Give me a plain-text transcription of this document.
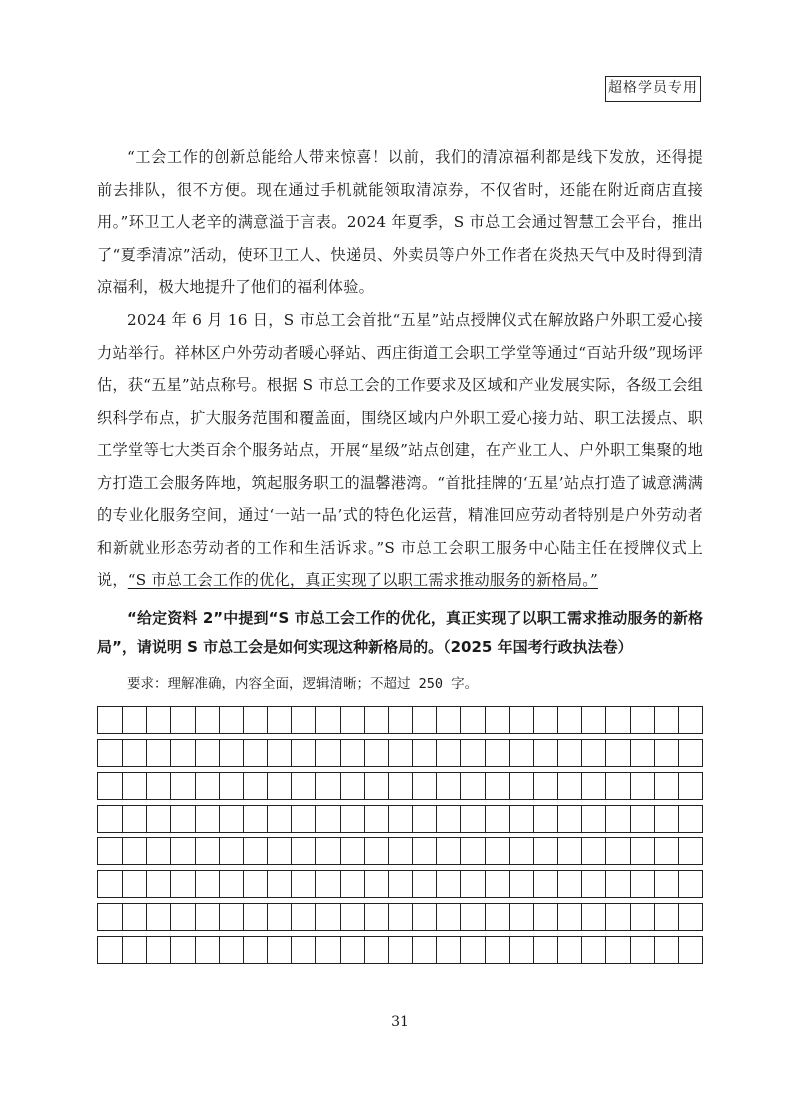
超格学员专用

“工会工作的创新总能给人带来惊喜！以前，我们的清凉福利都是线下发放，还得提前去排队，很不方便。现在通过手机就能领取清凉券，不仅省时，还能在附近商店直接用。”环卫工人老辛的满意溢于言表。2024 年夏季，S 市总工会通过智慧工会平台，推出了“夏季清凉”活动，使环卫工人、快递员、外卖员等户外工作者在炎热天气中及时得到清凉福利，极大地提升了他们的福利体验。

2024 年 6 月 16 日，S 市总工会首批“五星”站点授牌仪式在解放路户外职工爱心接力站举行。祥林区户外劳动者暖心驿站、西庄街道工会职工学堂等通过“百站升级”现场评估，获“五星”站点称号。根据 S 市总工会的工作要求及区域和产业发展实际，各级工会组织科学布点，扩大服务范围和覆盖面，围绕区域内户外职工爱心接力站、职工法援点、职工学堂等七大类百余个服务站点，开展“星级”站点创建，在产业工人、户外职工集聚的地方打造工会服务阵地，筑起服务职工的温馨港湾。“首批挂牌的‘五星’站点打造了诚意满满的专业化服务空间，通过‘一站一品’式的特色化运营，精准回应劳动者特别是户外劳动者和新就业形态劳动者的工作和生活诉求。”S 市总工会职工服务中心陆主任在授牌仪式上说，“S 市总工会工作的优化，真正实现了以职工需求推动服务的新格局。”

“给定资料 2”中提到“S 市总工会工作的优化，真正实现了以职工需求推动服务的新格局”，请说明 S 市总工会是如何实现这种新格局的。（2025 年国考行政执法卷）

要求：理解准确，内容全面，逻辑清晰；不超过 250 字。

31
